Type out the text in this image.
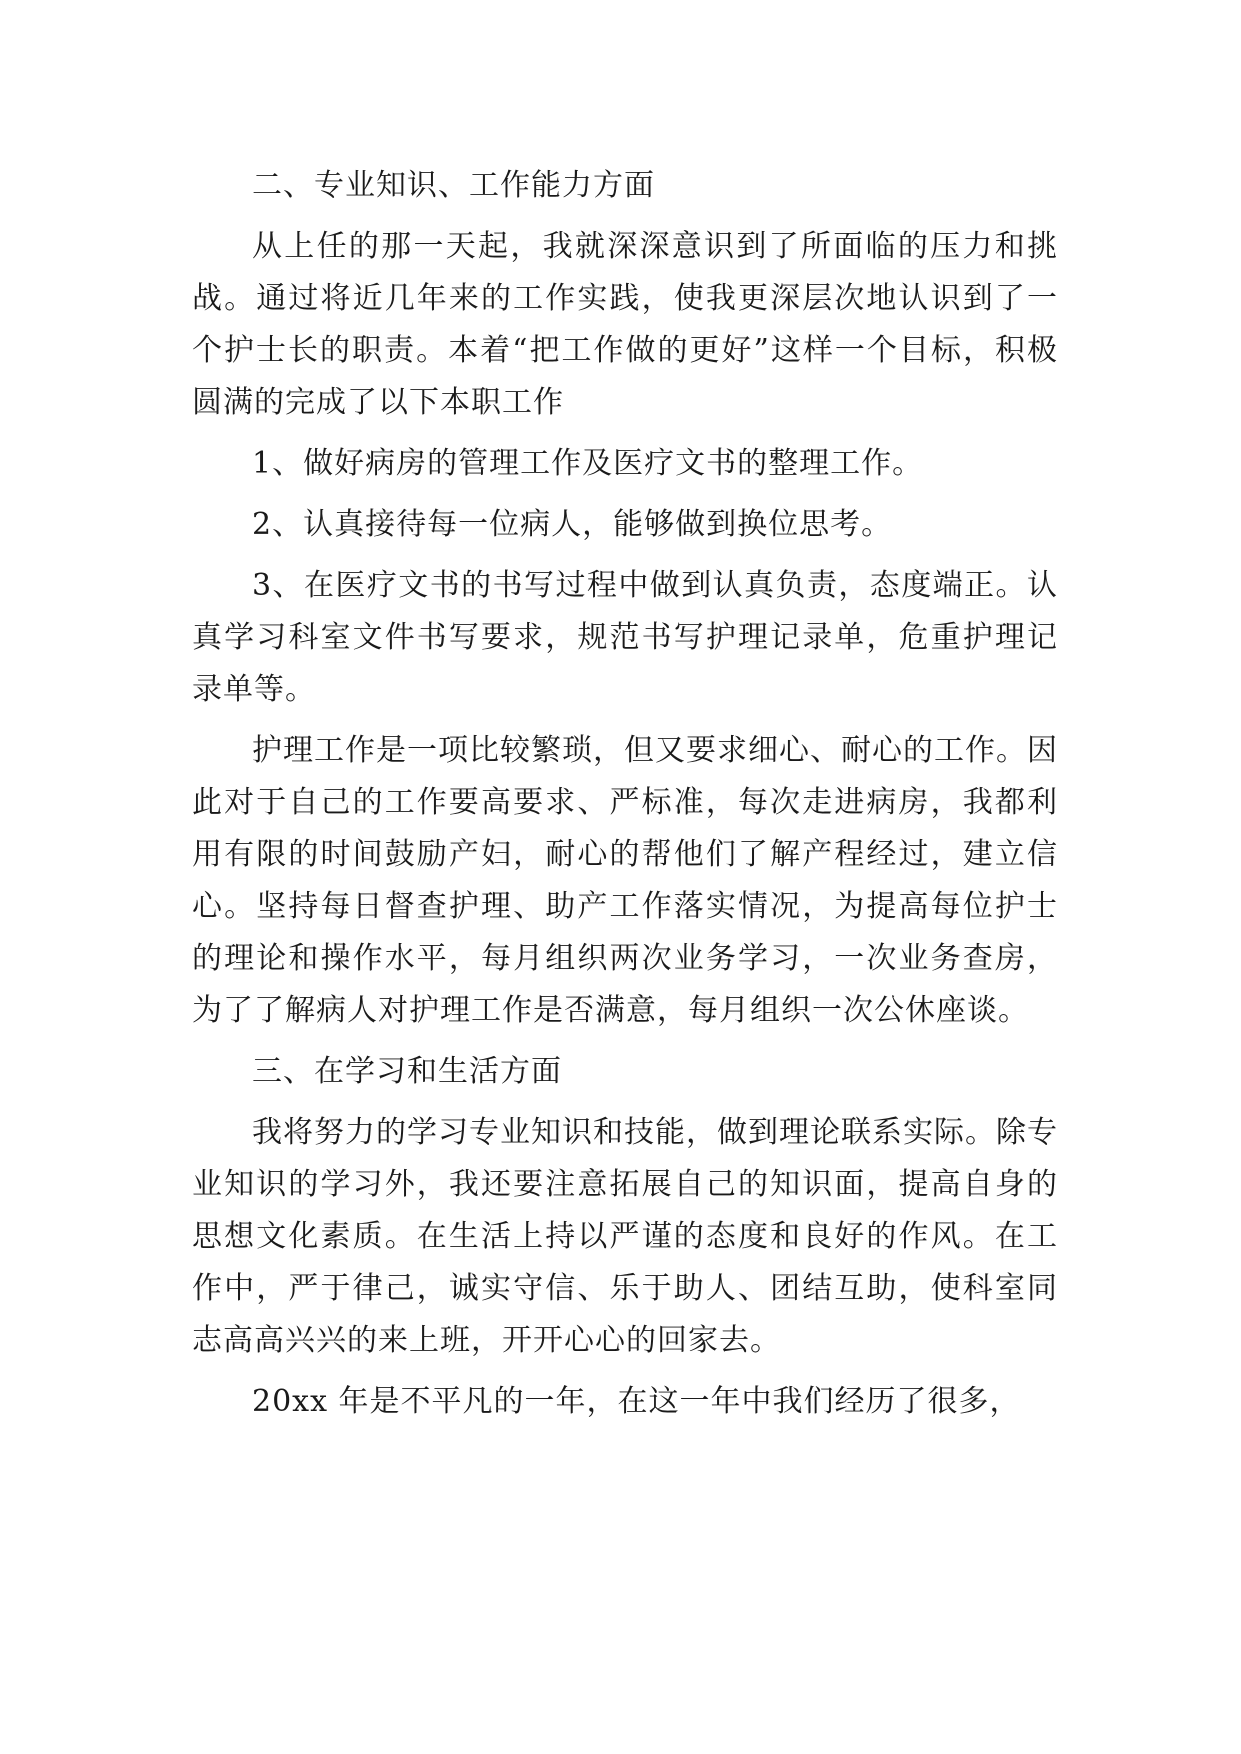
二、专业知识、工作能力方面

从上任的那一天起，我就深深意识到了所面临的压力和挑战。通过将近几年来的工作实践，使我更深层次地认识到了一个护士长的职责。本着“把工作做的更好”这样一个目标，积极圆满的完成了以下本职工作

1、做好病房的管理工作及医疗文书的整理工作。

2、认真接待每一位病人，能够做到换位思考。

3、在医疗文书的书写过程中做到认真负责，态度端正。认真学习科室文件书写要求，规范书写护理记录单，危重护理记录单等。

护理工作是一项比较繁琐，但又要求细心、耐心的工作。因此对于自己的工作要高要求、严标准，每次走进病房，我都利用有限的时间鼓励产妇，耐心的帮他们了解产程经过，建立信心。坚持每日督查护理、助产工作落实情况，为提高每位护士的理论和操作水平，每月组织两次业务学习，一次业务查房，为了了解病人对护理工作是否满意，每月组织一次公休座谈。

三、在学习和生活方面

我将努力的学习专业知识和技能，做到理论联系实际。除专业知识的学习外，我还要注意拓展自己的知识面，提高自身的思想文化素质。在生活上持以严谨的态度和良好的作风。在工作中，严于律己，诚实守信、乐于助人、团结互助，使科室同志高高兴兴的来上班，开开心心的回家去。

20xx 年是不平凡的一年，在这一年中我们经历了很多，
